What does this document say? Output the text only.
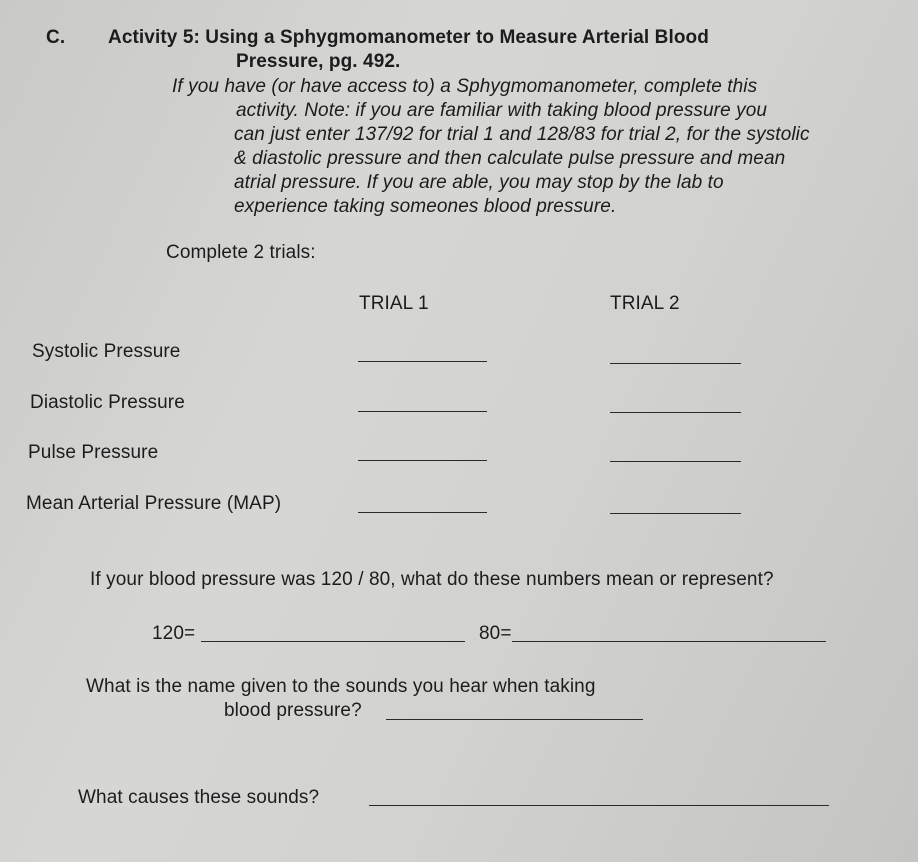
C. Activity 5: Using a Sphygmomanometer to Measure Arterial Blood
Pressure, pg. 492.
If you have (or have access to) a Sphygmomanometer, complete this
activity. Note: if you are familiar with taking blood pressure you
can just enter 137/92 for trial 1 and 128/83 for trial 2, for the systolic
& diastolic pressure and then calculate pulse pressure and mean
atrial pressure. If you are able, you may stop by the lab to
experience taking someones blood pressure.
Complete 2 trials:
TRIAL 1	TRIAL 2
Systolic Pressure
Diastolic Pressure
Pulse Pressure
Mean Arterial Pressure (MAP)
If your blood pressure was 120 / 80, what do these numbers mean or represent?
120=	80=
What is the name given to the sounds you hear when taking
blood pressure?
What causes these sounds?
